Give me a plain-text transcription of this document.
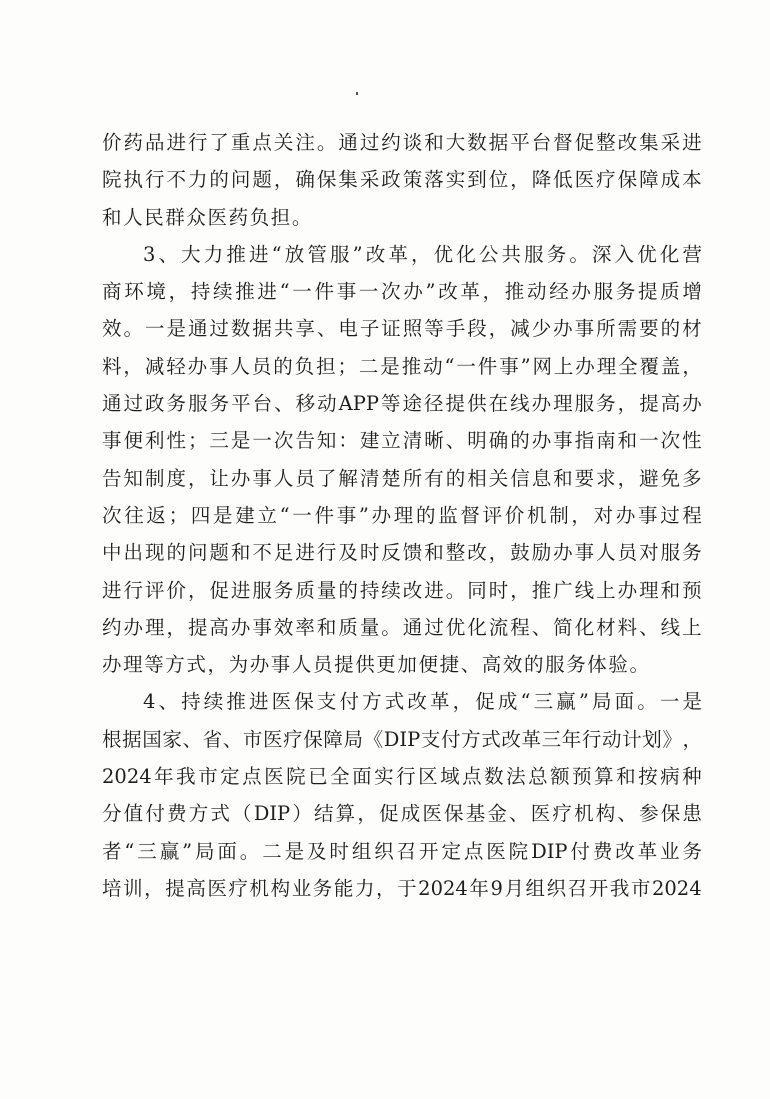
价 药 品 进 行 了 重 点 关 注 。 通 过 约 谈 和 大 数 据 平 台 督 促 整 改 集 采 进
院 执 行 不 力 的 问 题 ， 确 保 集 采 政 策 落 实 到 位 ， 降 低 医 疗 保 障 成 本
和人民群众医药负担。
3 、 大 力 推 进 “ 放 管 服 ” 改 革 ， 优 化 公 共 服 务 。 深 入 优 化 营
商 环 境 ， 持 续 推 进 “ 一 件 事 一 次 办 ” 改 革 ， 推 动 经 办 服 务 提 质 增
效 。 一 是 通 过 数 据 共 享 、 电 子 证 照 等 手 段 ， 减 少 办 事 所 需 要 的 材
料 ， 减 轻 办 事 人 员 的 负 担 ； 二 是 推 动 “ 一 件 事 ” 网 上 办 理 全 覆 盖 ，
通 过 政 务 服 务 平 台 、 移 动 APP 等 途 径 提 供 在 线 办 理 服 务 ， 提 高 办
事 便 利 性 ； 三 是 一 次 告 知 ： 建 立 清 晰 、 明 确 的 办 事 指 南 和 一 次 性
告 知 制 度 ， 让 办 事 人 员 了 解 清 楚 所 有 的 相 关 信 息 和 要 求 ， 避 免 多
次 往 返 ； 四 是 建 立 “ 一 件 事 ” 办 理 的 监 督 评 价 机 制 ， 对 办 事 过 程
中 出 现 的 问 题 和 不 足 进 行 及 时 反 馈 和 整 改 ， 鼓 励 办 事 人 员 对 服 务
进 行 评 价 ， 促 进 服 务 质 量 的 持 续 改 进 。 同 时 ， 推 广 线 上 办 理 和 预
约 办 理 ， 提 高 办 事 效 率 和 质 量 。 通 过 优 化 流 程 、 简 化 材 料 、 线 上
办理等方式，为办事人员提供更加便捷、高效的服务体验。
4 、 持 续 推 进 医 保 支 付 方 式 改 革 ， 促 成 “ 三 赢 ” 局 面 。 一 是
根 据 国 家 、 省 、 市 医 疗 保 障 局 《 DIP 支 付 方 式 改 革 三 年 行 动 计 划 》 ，
2024 年 我 市 定 点 医 院 已 全 面 实 行 区 域 点 数 法 总 额 预 算 和 按 病 种
分 值 付 费 方 式 （ DIP ） 结 算 ， 促 成 医 保 基 金 、 医 疗 机 构 、 参 保 患
者 “ 三 赢 ” 局 面 。 二 是 及 时 组 织 召 开 定 点 医 院 DIP 付 费 改 革 业 务
培 训 ， 提 高 医 疗 机 构 业 务 能 力 ， 于 2024 年 9 月 组 织 召 开 我 市 2024
